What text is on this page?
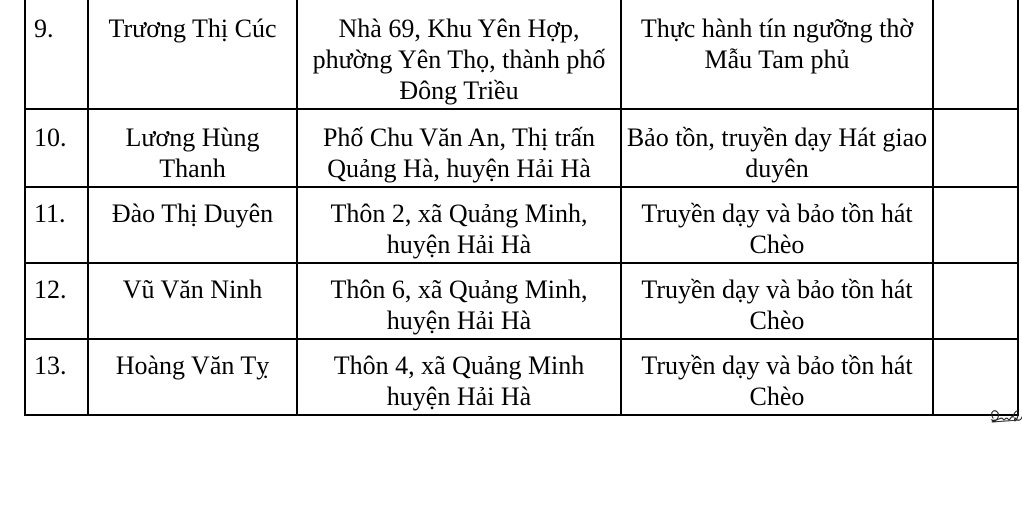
9.	Trương Thị Cúc	Nhà 69, Khu Yên Hợp, phường Yên Thọ, thành phố Đông Triều	Thực hành tín ngưỡng thờ Mẫu Tam phủ	
10.	Lương Hùng Thanh	Phố Chu Văn An, Thị trấn Quảng Hà, huyện Hải Hà	Bảo tồn, truyền dạy Hát giao duyên	
11.	Đào Thị Duyên	Thôn 2, xã Quảng Minh, huyện Hải Hà	Truyền dạy và bảo tồn hát Chèo	
12.	Vũ Văn Ninh	Thôn 6, xã Quảng Minh, huyện Hải Hà	Truyền dạy và bảo tồn hát Chèo	
13.	Hoàng Văn Tỵ	Thôn 4, xã Quảng Minh huyện Hải Hà	Truyền dạy và bảo tồn hát Chèo	
